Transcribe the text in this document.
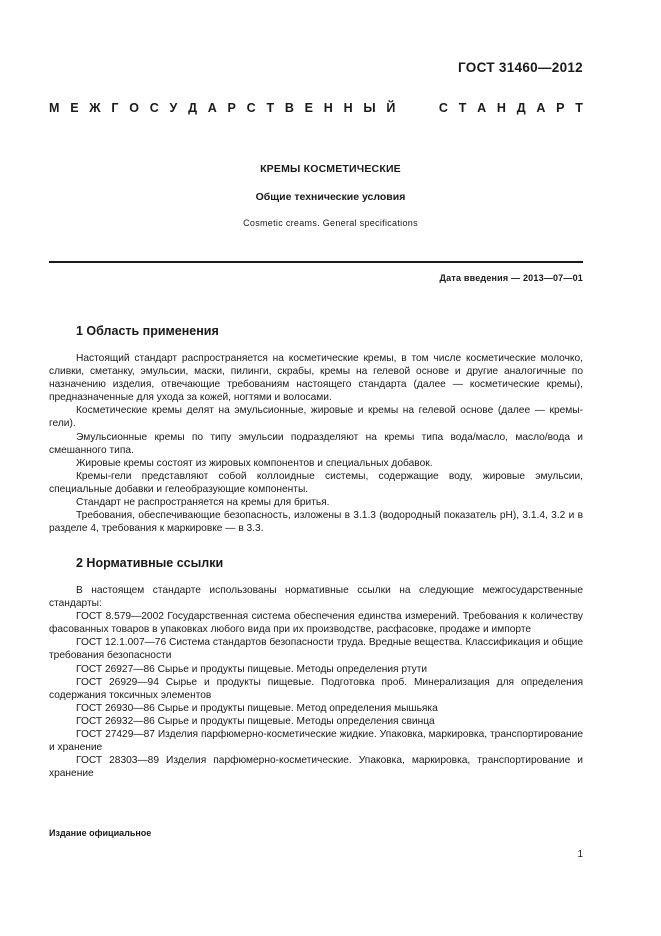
ГОСТ 31460—2012
М Е Ж Г О С У Д А Р С Т В Е Н Н Ы Й	С Т А Н Д А Р Т
КРЕМЫ КОСМЕТИЧЕСКИЕ
Общие технические условия
Cosmetic creams. General specifications
Дата введения — 2013—07—01
1 Область применения

Настоящий стандарт распространяется на косметические кремы, в том числе косметические молочко, сливки, сметанку, эмульсии, маски, пилинги, скрабы, кремы на гелевой основе и другие аналогичные по назначению изделия, отвечающие требованиям настоящего стандарта (далее — косметические кремы), предназначенные для ухода за кожей, ногтями и волосами.

Косметические кремы делят на эмульсионные, жировые и кремы на гелевой основе (далее — кремы-гели).

Эмульсионные кремы по типу эмульсии подразделяют на кремы типа вода/масло, масло/вода и смешанного типа.

Жировые кремы состоят из жировых компонентов и специальных добавок.

Кремы-гели представляют собой коллоидные системы, содержащие воду, жировые эмульсии, специальные добавки и гелеобразующие компоненты.

Стандарт не распространяется на кремы для бритья.

Требования, обеспечивающие безопасность, изложены в 3.1.3 (водородный показатель pH), 3.1.4, 3.2 и в разделе 4, требования к маркировке — в 3.3.

2 Нормативные ссылки

В настоящем стандарте использованы нормативные ссылки на следующие межгосударственные стандарты:

ГОСТ 8.579—2002 Государственная система обеспечения единства измерений. Требования к количеству фасованных товаров в упаковках любого вида при их производстве, расфасовке, продаже и импорте

ГОСТ 12.1.007—76 Система стандартов безопасности труда. Вредные вещества. Классификация и общие требования безопасности

ГОСТ 26927—86 Сырье и продукты пищевые. Методы определения ртути

ГОСТ 26929—94 Сырье и продукты пищевые. Подготовка проб. Минерализация для определения содержания токсичных элементов

ГОСТ 26930—86 Сырье и продукты пищевые. Метод определения мышьяка

ГОСТ 26932—86 Сырье и продукты пищевые. Методы определения свинца

ГОСТ 27429—87 Изделия парфюмерно-косметические жидкие. Упаковка, маркировка, транспортирование и хранение

ГОСТ 28303—89 Изделия парфюмерно-косметические. Упаковка, маркировка, транспортирование и хранение

Издание официальное
1
